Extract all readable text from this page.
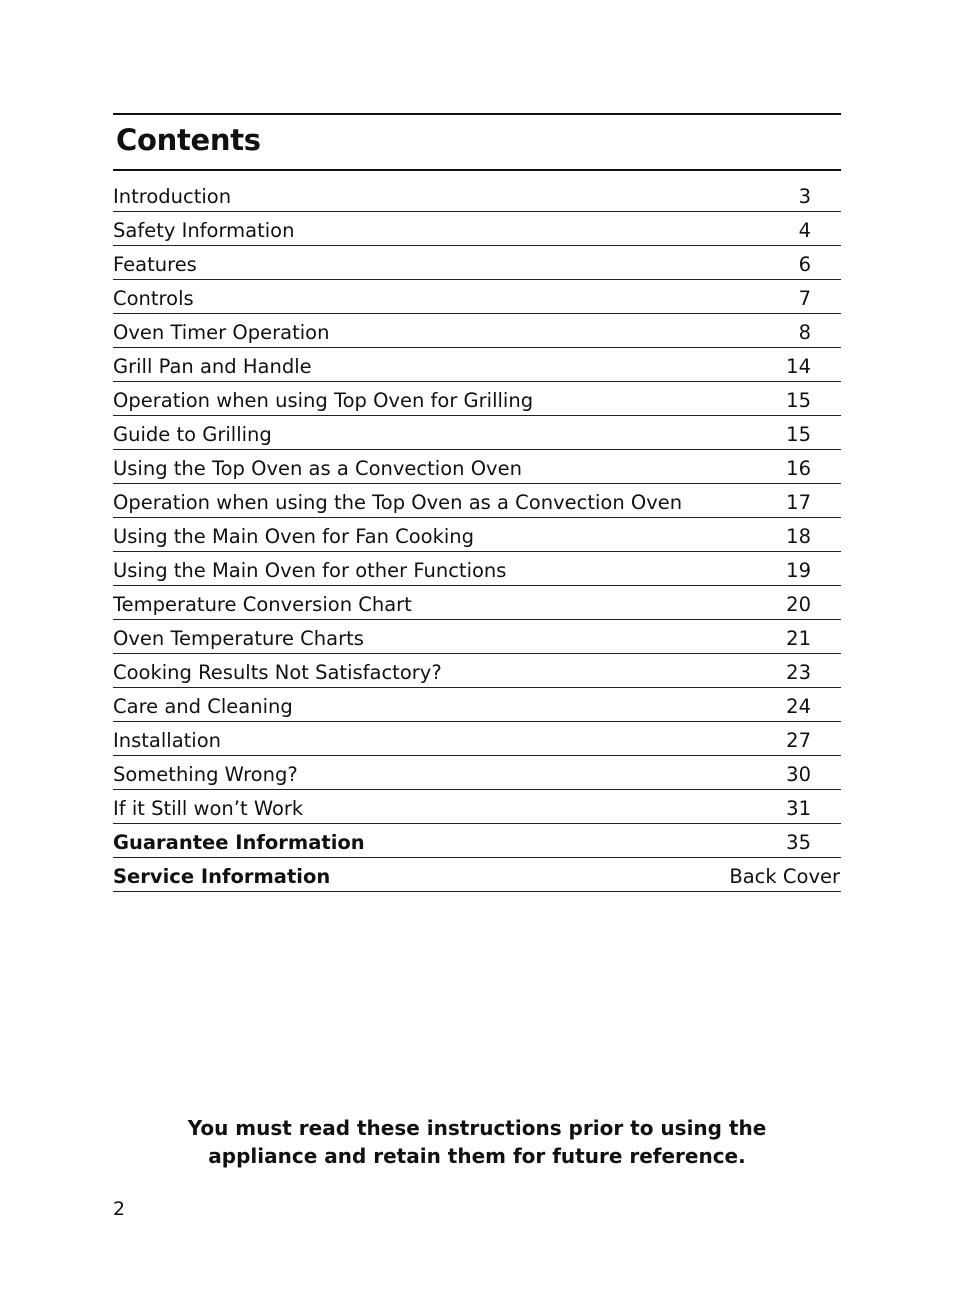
Contents
Introduction	3
Safety Information	4
Features	6
Controls	7
Oven Timer Operation	8
Grill Pan and Handle	14
Operation when using Top Oven for Grilling	15
Guide to Grilling	15
Using the Top Oven as a Convection Oven	16
Operation when using the Top Oven as a Convection Oven	17
Using the Main Oven for Fan Cooking	18
Using the Main Oven for other Functions	19
Temperature Conversion Chart	20
Oven Temperature Charts	21
Cooking Results Not Satisfactory?	23
Care and Cleaning	24
Installation	27
Something Wrong?	30
If it Still won’t Work	31
Guarantee Information	35
Service Information	Back Cover
You must read these instructions prior to using the
appliance and retain them for future reference.
2
